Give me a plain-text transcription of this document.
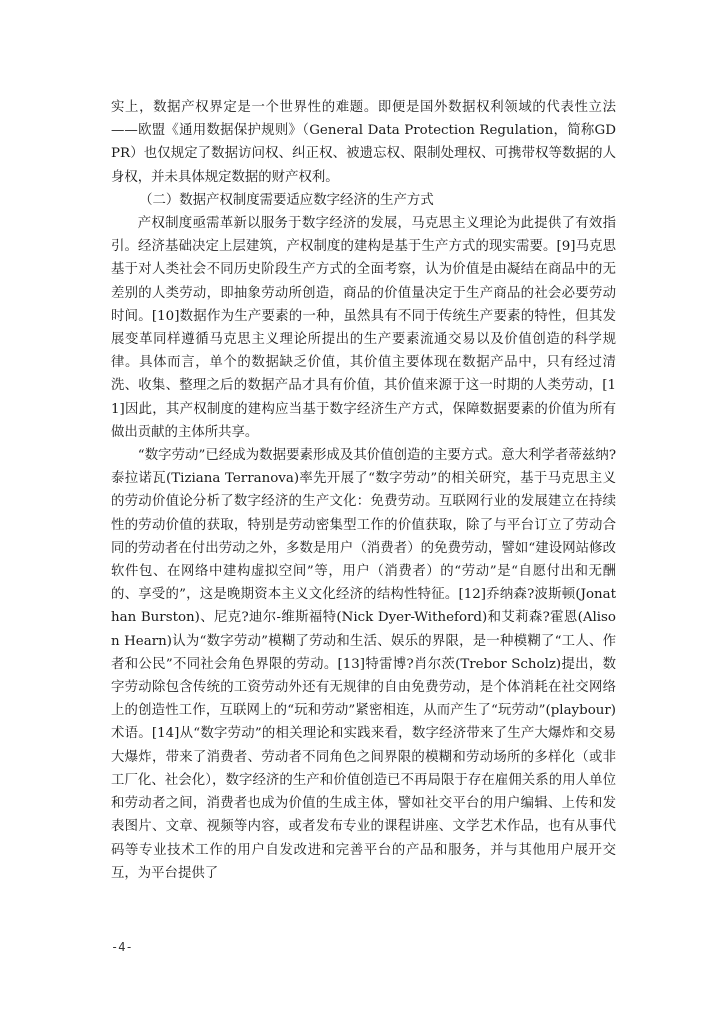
实上，数据产权界定是一个世界性的难题。即便是国外数据权利领域的代表性立法——欧盟《通用数据保护规则》（General Data Protection Regulation，简称GDPR）也仅规定了数据访问权、纠正权、被遗忘权、限制处理权、可携带权等数据的人身权，并未具体规定数据的财产权利。

（二）数据产权制度需要适应数字经济的生产方式

产权制度亟需革新以服务于数字经济的发展，马克思主义理论为此提供了有效指引。经济基础决定上层建筑，产权制度的建构是基于生产方式的现实需要。[9]马克思基于对人类社会不同历史阶段生产方式的全面考察，认为价值是由凝结在商品中的无差别的人类劳动，即抽象劳动所创造，商品的价值量决定于生产商品的社会必要劳动时间。[10]数据作为生产要素的一种，虽然具有不同于传统生产要素的特性，但其发展变革同样遵循马克思主义理论所提出的生产要素流通交易以及价值创造的科学规律。具体而言，单个的数据缺乏价值，其价值主要体现在数据产品中，只有经过清洗、收集、整理之后的数据产品才具有价值，其价值来源于这一时期的人类劳动，[11]因此，其产权制度的建构应当基于数字经济生产方式，保障数据要素的价值为所有做出贡献的主体所共享。

“数字劳动”已经成为数据要素形成及其价值创造的主要方式。意大利学者蒂兹纳?泰拉诺瓦(Tiziana Terranova)率先开展了“数字劳动”的相关研究，基于马克思主义的劳动价值论分析了数字经济的生产文化：免费劳动。互联网行业的发展建立在持续性的劳动价值的获取，特别是劳动密集型工作的价值获取，除了与平台订立了劳动合同的劳动者在付出劳动之外，多数是用户（消费者）的免费劳动，譬如“建设网站修改软件包、在网络中建构虚拟空间”等，用户（消费者）的“劳动”是“自愿付出和无酬的、享受的”，这是晚期资本主义文化经济的结构性特征。[12]乔纳森?波斯顿(Jonathan Burston)、尼克?迪尔-维斯福特(Nick Dyer-Witheford)和艾莉森?霍恩(Alison Hearn)认为“数字劳动”模糊了劳动和生活、娱乐的界限，是一种模糊了“工人、作者和公民”不同社会角色界限的劳动。[13]特雷博?肖尔茨(Trebor Scholz)提出，数字劳动除包含传统的工资劳动外还有无规律的自由免费劳动，是个体消耗在社交网络上的创造性工作，互联网上的“玩和劳动”紧密相连，从而产生了“玩劳动”(playbour)术语。[14]从“数字劳动”的相关理论和实践来看，数字经济带来了生产大爆炸和交易大爆炸，带来了消费者、劳动者不同角色之间界限的模糊和劳动场所的多样化（或非工厂化、社会化），数字经济的生产和价值创造已不再局限于存在雇佣关系的用人单位和劳动者之间，消费者也成为价值的生成主体，譬如社交平台的用户编辑、上传和发表图片、文章、视频等内容，或者发布专业的课程讲座、文学艺术作品，也有从事代码等专业技术工作的用户自发改进和完善平台的产品和服务，并与其他用户展开交互，为平台提供了

-4-
